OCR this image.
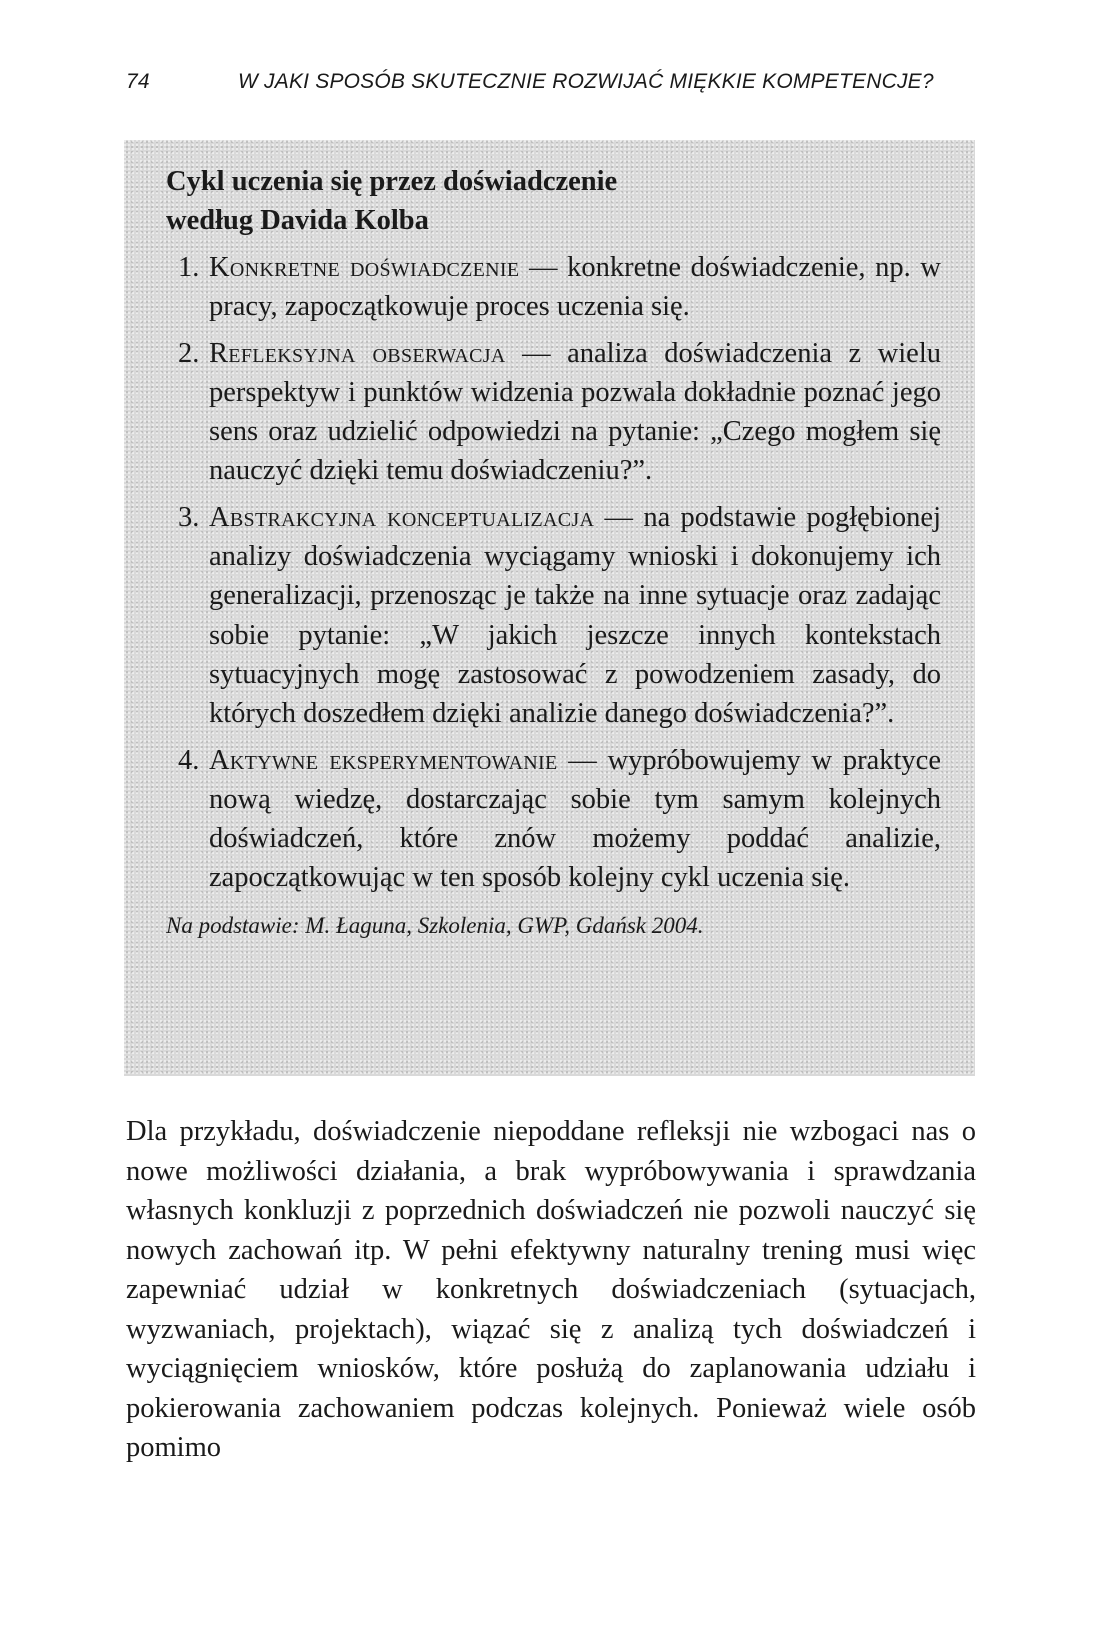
74	W JAKI SPOSÓB SKUTECZNIE ROZWIJAĆ MIĘKKIE KOMPETENCJE?
Cykl uczenia się przez doświadczenie
według Davida Kolba
1. Konkretne doświadczenie — konkretne doświadczenie, np. w pracy, zapoczątkowuje proces uczenia się.
2. Refleksyjna obserwacja — analiza doświadczenia z wielu perspektyw i punktów widzenia pozwala dokładnie poznać jego sens oraz udzielić odpowiedzi na pytanie: „Czego mogłem się nauczyć dzięki temu doświadczeniu?”.
3. Abstrakcyjna konceptualizacja — na podstawie pogłębionej analizy doświadczenia wyciągamy wnioski i dokonujemy ich generalizacji, przenosząc je także na inne sytuacje oraz zadając sobie pytanie: „W jakich jeszcze innych kontekstach sytuacyjnych mogę zastosować z powodzeniem zasady, do których doszedłem dzięki analizie danego doświadczenia?”.
4. Aktywne eksperymentowanie — wypróbowujemy w praktyce nową wiedzę, dostarczając sobie tym samym kolejnych doświadczeń, które znów możemy poddać analizie, zapoczątkowując w ten sposób kolejny cykl uczenia się.
Na podstawie: M. Łaguna, Szkolenia, GWP, Gdańsk 2004.

Dla przykładu, doświadczenie niepoddane refleksji nie wzbogaci nas o nowe możliwości działania, a brak wypróbowywania i sprawdzania własnych konkluzji z poprzednich doświadczeń nie pozwoli nauczyć się nowych zachowań itp. W pełni efektywny naturalny trening musi więc zapewniać udział w konkretnych doświadczeniach (sytuacjach, wyzwaniach, projektach), wiązać się z analizą tych doświadczeń i wyciągnięciem wniosków, które posłużą do zaplanowania udziału i pokierowania zachowaniem podczas kolejnych. Ponieważ wiele osób pomimo
